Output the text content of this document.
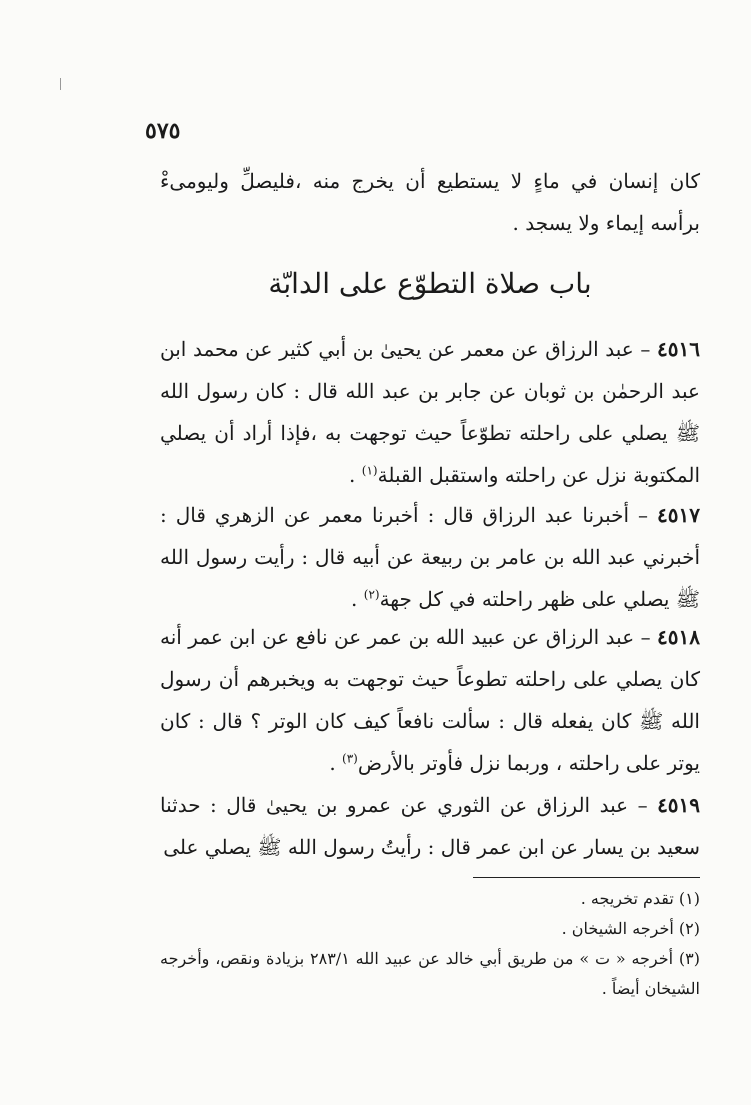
٥٧٥
كان إنسان في ماءٍ لا يستطيع أن يخرج منه ،فليصلِّ وليومىءْ برأسه إيماء ولا يسجد .
باب صلاة التطوّع على الدابّة
٤٥١٦ – عبد الرزاق عن معمر عن يحيىٰ بن أبي كثير عن محمد ابن عبد الرحمٰن بن ثوبان عن جابر بن عبد الله قال : كان رسول الله ﷺ يصلي على راحلته تطوّعاً حيث توجهت به ،فإذا أراد أن يصلي المكتوبة نزل عن راحلته واستقبل القبلة$^{(١)}$ .
٤٥١٧ – أخبرنا عبد الرزاق قال : أخبرنا معمر عن الزهري قال : أخبرني عبد الله بن عامر بن ربيعة عن أبيه قال : رأيت رسول الله ﷺ يصلي على ظهر راحلته في كل جهة$^{(٢)}$ .
٤٥١٨ – عبد الرزاق عن عبيد الله بن عمر عن نافع عن ابن عمر أنه كان يصلي على راحلته تطوعاً حيث توجهت به ويخبرهم أن رسول الله ﷺ كان يفعله قال : سألت نافعاً كيف كان الوتر ؟ قال : كان يوتر على راحلته ، وربما نزل فأوتر بالأرض$^{(٣)}$ .
٤٥١٩ – عبد الرزاق عن الثوري عن عمرو بن يحيىٰ قال : حدثنا سعيد بن يسار عن ابن عمر قال : رأيتُ رسول الله ﷺ يصلي على

(١) تقدم تخريجه .

(٢) أخرجه الشيخان .

(٣) أخرجه « ت » من طريق أبي خالد عن عبيد الله ٢٨٣/١ بزيادة ونقص، وأخرجه الشيخان أيضاً .
